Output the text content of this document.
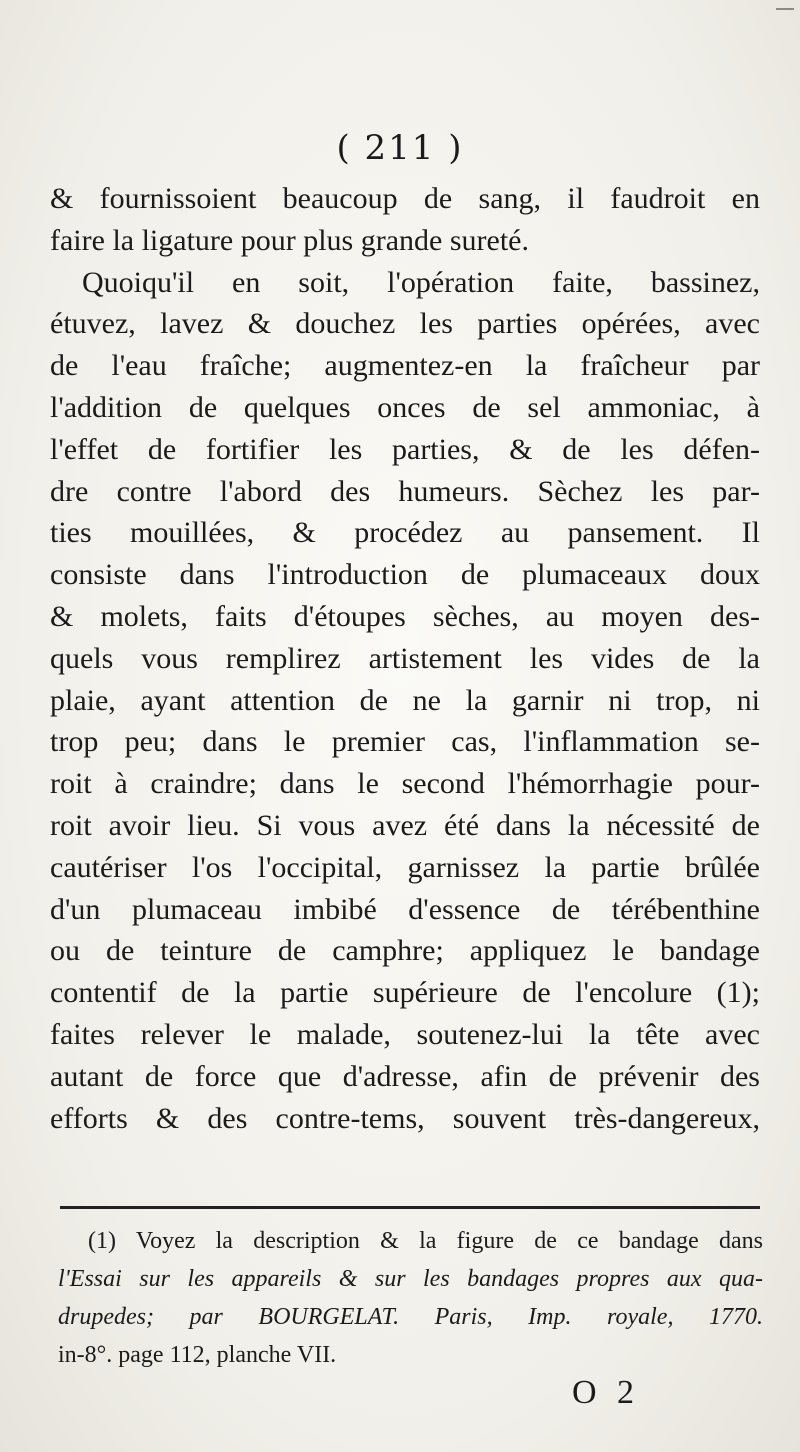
( 211 )
& fournissoient beaucoup de sang, il faudroit en
faire la ligature pour plus grande sureté.
Quoiqu'il en soit, l'opération faite, bassinez,
étuvez, lavez & douchez les parties opérées, avec
de l'eau fraîche; augmentez-en la fraîcheur par
l'addition de quelques onces de sel ammoniac, à
l'effet de fortifier les parties, & de les défen-
dre contre l'abord des humeurs. Sèchez les par-
ties mouillées, & procédez au pansement. Il
consiste dans l'introduction de plumaceaux doux
& molets, faits d'étoupes sèches, au moyen des-
quels vous remplirez artistement les vides de la
plaie, ayant attention de ne la garnir ni trop, ni
trop peu; dans le premier cas, l'inflammation se-
roit à craindre; dans le second l'hémorrhagie pour-
roit avoir lieu. Si vous avez été dans la nécessité de
cautériser l'os l'occipital, garnissez la partie brûlée
d'un plumaceau imbibé d'essence de térébenthine
ou de teinture de camphre; appliquez le bandage
contentif de la partie supérieure de l'encolure (1);
faites relever le malade, soutenez-lui la tête avec
autant de force que d'adresse, afin de prévenir des
efforts & des contre-tems, souvent très-dangereux,
(1) Voyez la description & la figure de ce bandage dans
l'Essai sur les appareils & sur les bandages propres aux qua-
drupedes; par BOURGELAT. Paris, Imp. royale, 1770.
in-8°. page 112, planche VII.
O 2
